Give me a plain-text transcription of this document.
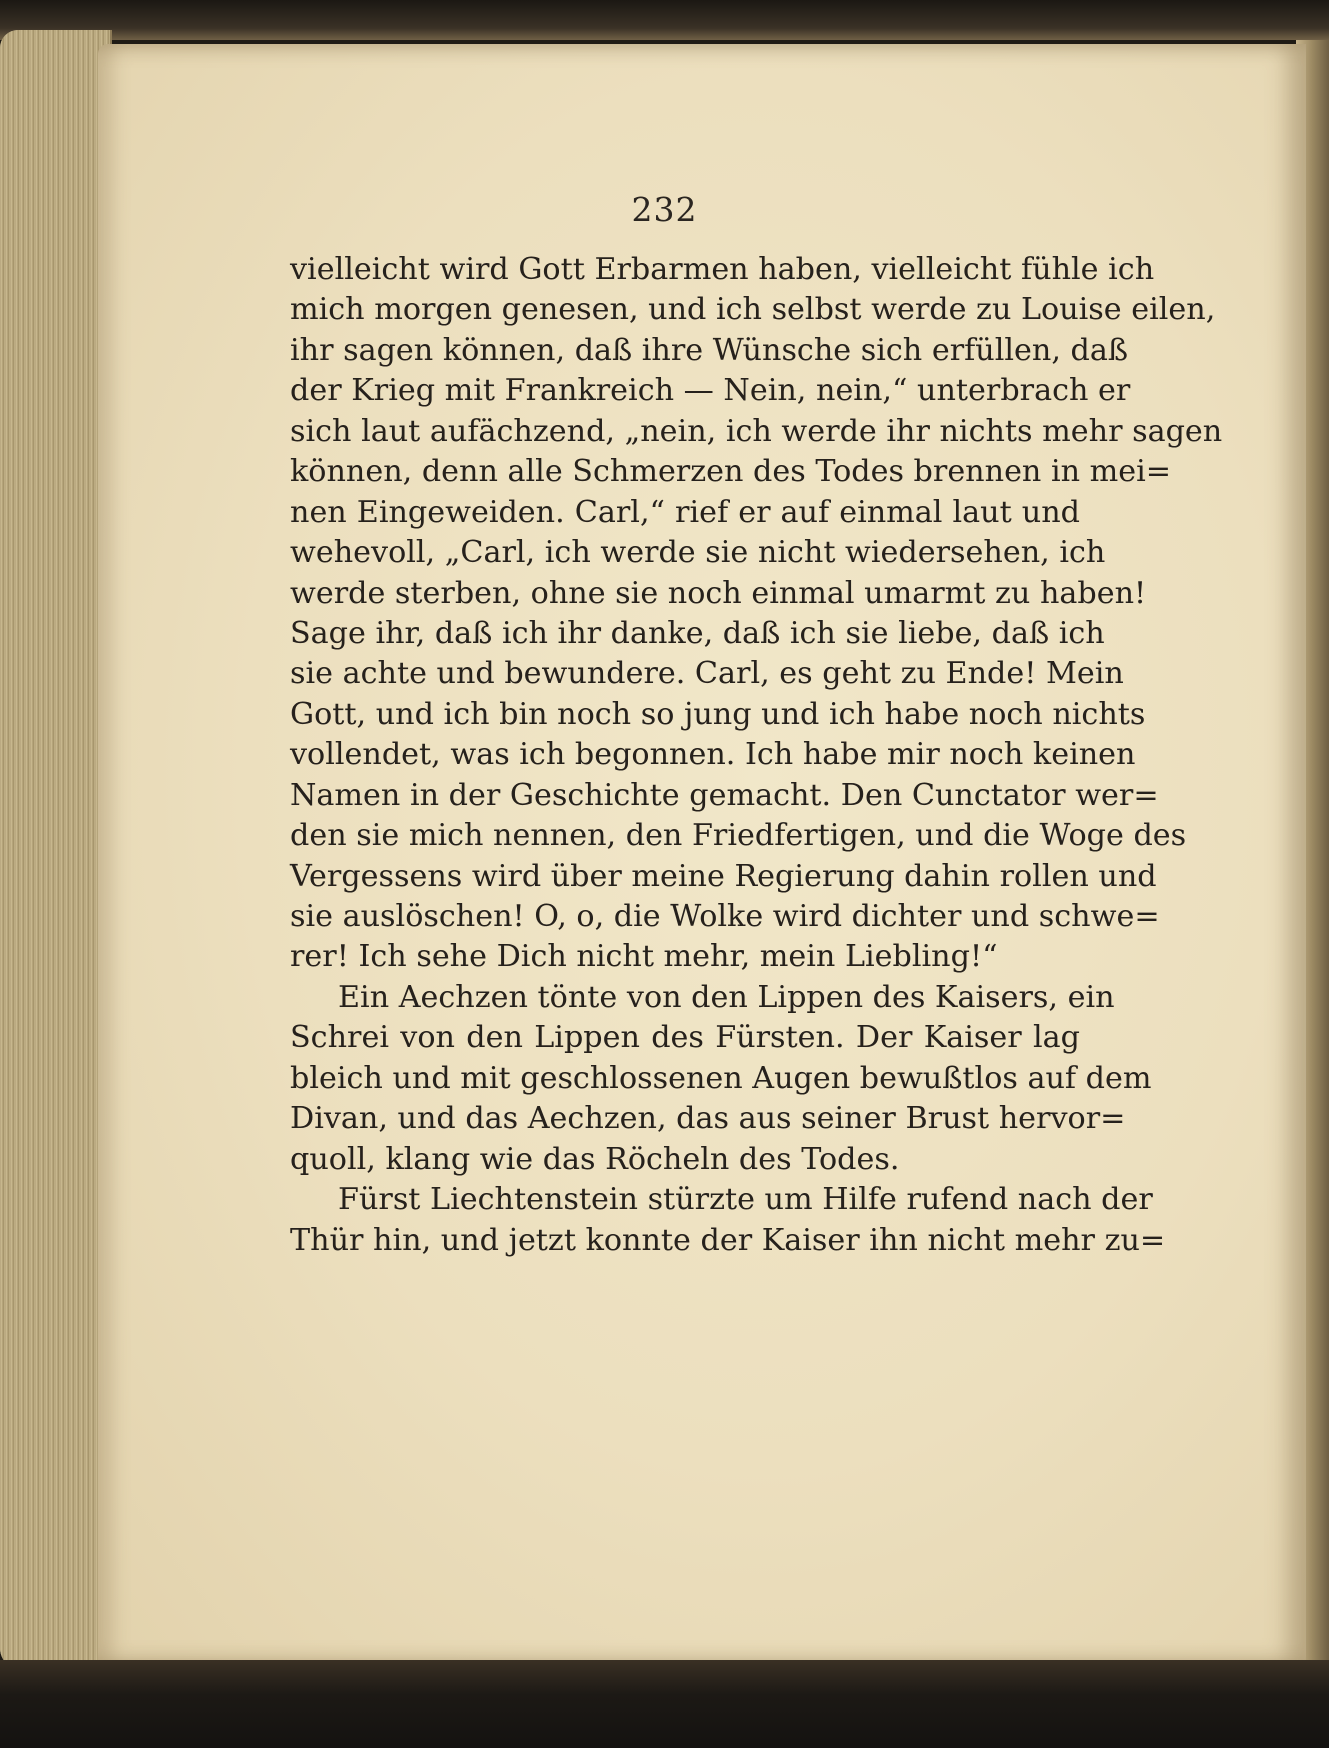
232
vielleicht wird Gott Erbarmen haben, vielleicht fühle ich
mich morgen genesen, und ich selbst werde zu Louise eilen,
ihr sagen können, daß ihre Wünsche sich erfüllen, daß
der Krieg mit Frankreich — Nein, nein,“ unterbrach er
sich laut aufächzend, „nein, ich werde ihr nichts mehr sagen
können, denn alle Schmerzen des Todes brennen in mei=
nen Eingeweiden. Carl,“ rief er auf einmal laut und
wehevoll, „Carl, ich werde sie nicht wiedersehen, ich
werde sterben, ohne sie noch einmal umarmt zu haben!
Sage ihr, daß ich ihr danke, daß ich sie liebe, daß ich
sie achte und bewundere. Carl, es geht zu Ende! Mein
Gott, und ich bin noch so jung und ich habe noch nichts
vollendet, was ich begonnen. Ich habe mir noch keinen
Namen in der Geschichte gemacht. Den Cunctator wer=
den sie mich nennen, den Friedfertigen, und die Woge des
Vergessens wird über meine Regierung dahin rollen und
sie auslöschen! O, o, die Wolke wird dichter und schwe=
rer! Ich sehe Dich nicht mehr, mein Liebling!“
Ein Aechzen tönte von den Lippen des Kaisers, ein
Schrei von den Lippen des Fürsten. Der Kaiser lag
bleich und mit geschlossenen Augen bewußtlos auf dem
Divan, und das Aechzen, das aus seiner Brust hervor=
quoll, klang wie das Röcheln des Todes.
Fürst Liechtenstein stürzte um Hilfe rufend nach der
Thür hin, und jetzt konnte der Kaiser ihn nicht mehr zu=
